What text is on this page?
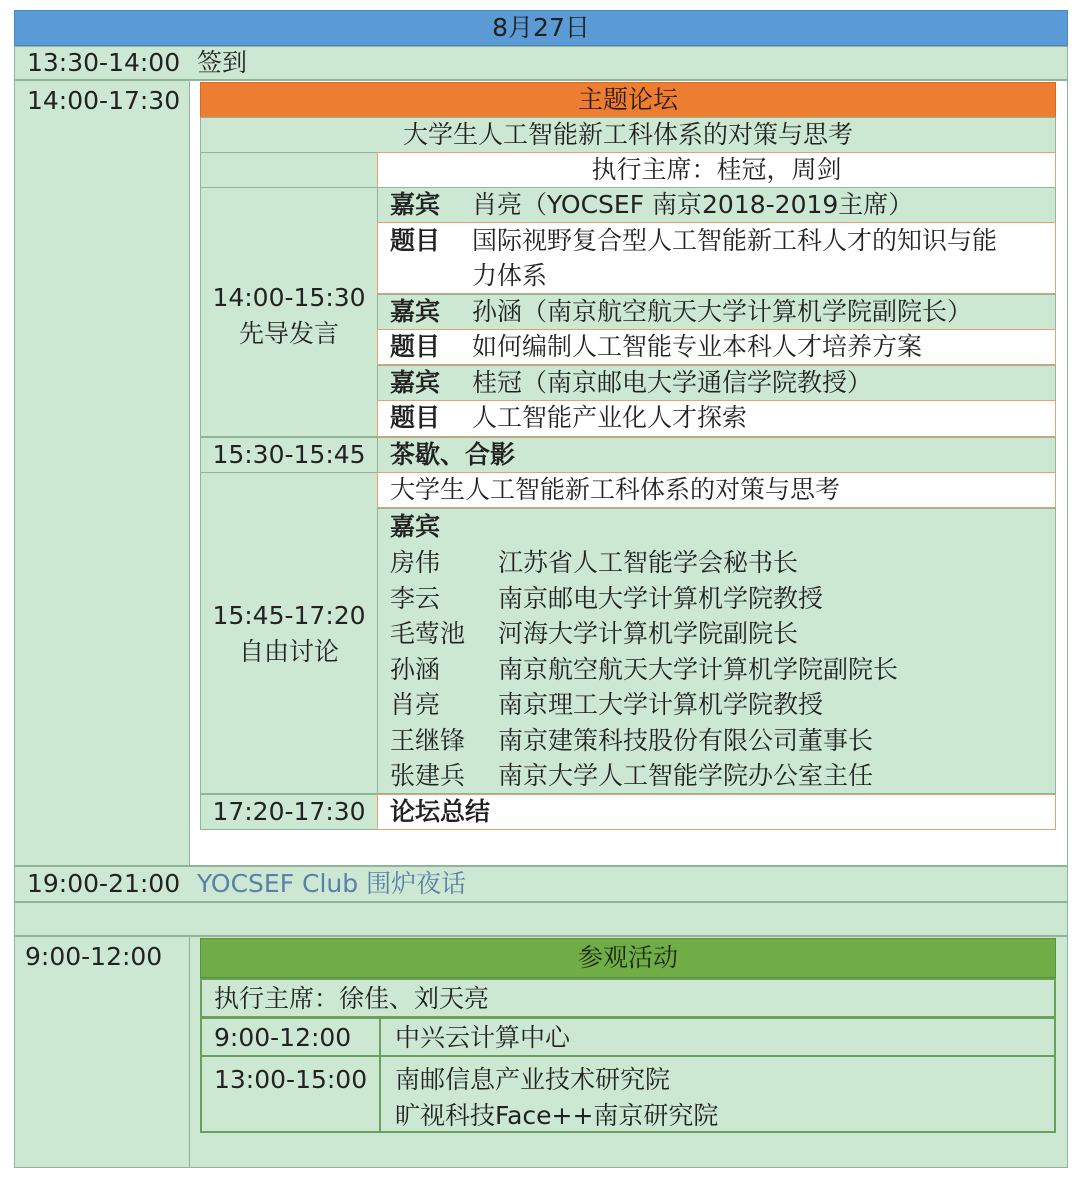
8月27日
13:30-14:00 签到
14:00-17:30	主题论坛
大学生人工智能新工科体系的对策与思考
执行主席：桂冠，周剑
14:00-15:30
先导发言
嘉宾 肖亮（YOCSEF 南京2018-2019主席）
题目 国际视野复合型人工智能新工科人才的知识与能
力体系
嘉宾 孙涵（南京航空航天大学计算机学院副院长）
题目 如何编制人工智能专业本科人才培养方案
嘉宾 桂冠（南京邮电大学通信学院教授）
题目 人工智能产业化人才探索
15:30-15:45 茶歇、合影
15:45-17:20
自由讨论
大学生人工智能新工科体系的对策与思考
嘉宾
房伟 江苏省人工智能学会秘书长
李云 南京邮电大学计算机学院教授
毛莺池 河海大学计算机学院副院长
孙涵 南京航空航天大学计算机学院副院长
肖亮 南京理工大学计算机学院教授
王继锋 南京建策科技股份有限公司董事长
张建兵 南京大学人工智能学院办公室主任
17:20-17:30 论坛总结
19:00-21:00 YOCSEF Club 围炉夜话
9:00-12:00	参观活动
执行主席：徐佳、刘天亮
9:00-12:00 中兴云计算中心
13:00-15:00 南邮信息产业技术研究院
旷视科技Face++南京研究院
